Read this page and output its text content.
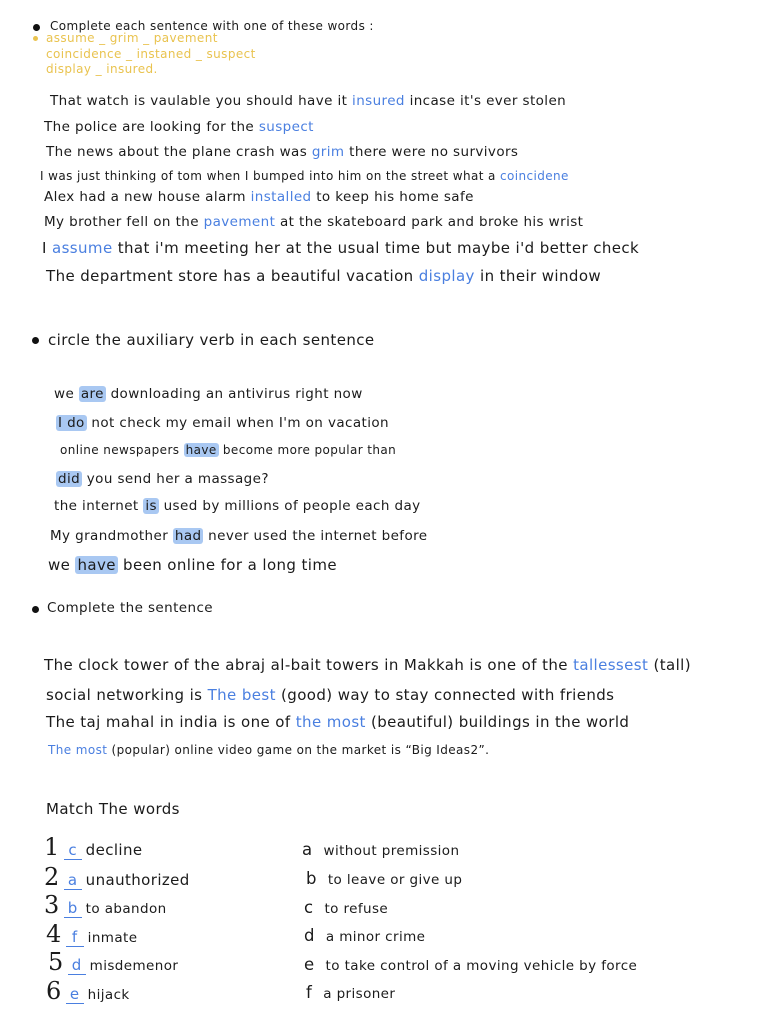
Complete each sentence with one of these words :
assume _ grim _ pavement
coincidence _ instaned _ suspect
display _ insured.
That watch is vaulable you should have it insured incase it's ever stolen
The police are looking for the suspect
The news about the plane crash was grim there were no survivors
I was just thinking of tom when I bumped into him on the street what a coincidene
Alex had a new house alarm installed to keep his home safe
My brother fell on the pavement at the skateboard park and broke his wrist
I assume that i'm meeting her at the usual time but maybe i'd better check
The department store has a beautiful vacation display in their window
circle the auxiliary verb in each sentence
we are downloading an antivirus right now
I do not check my email when I'm on vacation
online newspapers have become more popular than
did you send her a massage?
the internet is used by millions of people each day
My grandmother had never used the internet before
we have been online for a long time
Complete the sentence
The clock tower of the abraj al-bait towers in Makkah is one of the tallessest (tall)
social networking is The best (good) way to stay connected with friends
The taj mahal in india is one of the most (beautiful) buildings in the world
The most (popular) online video game on the market is “Big Ideas2”.
Match The words
1 c decline
2 a unauthorized
3 b to abandon
4 f inmate
5 d misdemenor
6 e hijack
a without premission
b to leave or give up
c to refuse
d a minor crime
e to take control of a moving vehicle by force
f a prisoner
